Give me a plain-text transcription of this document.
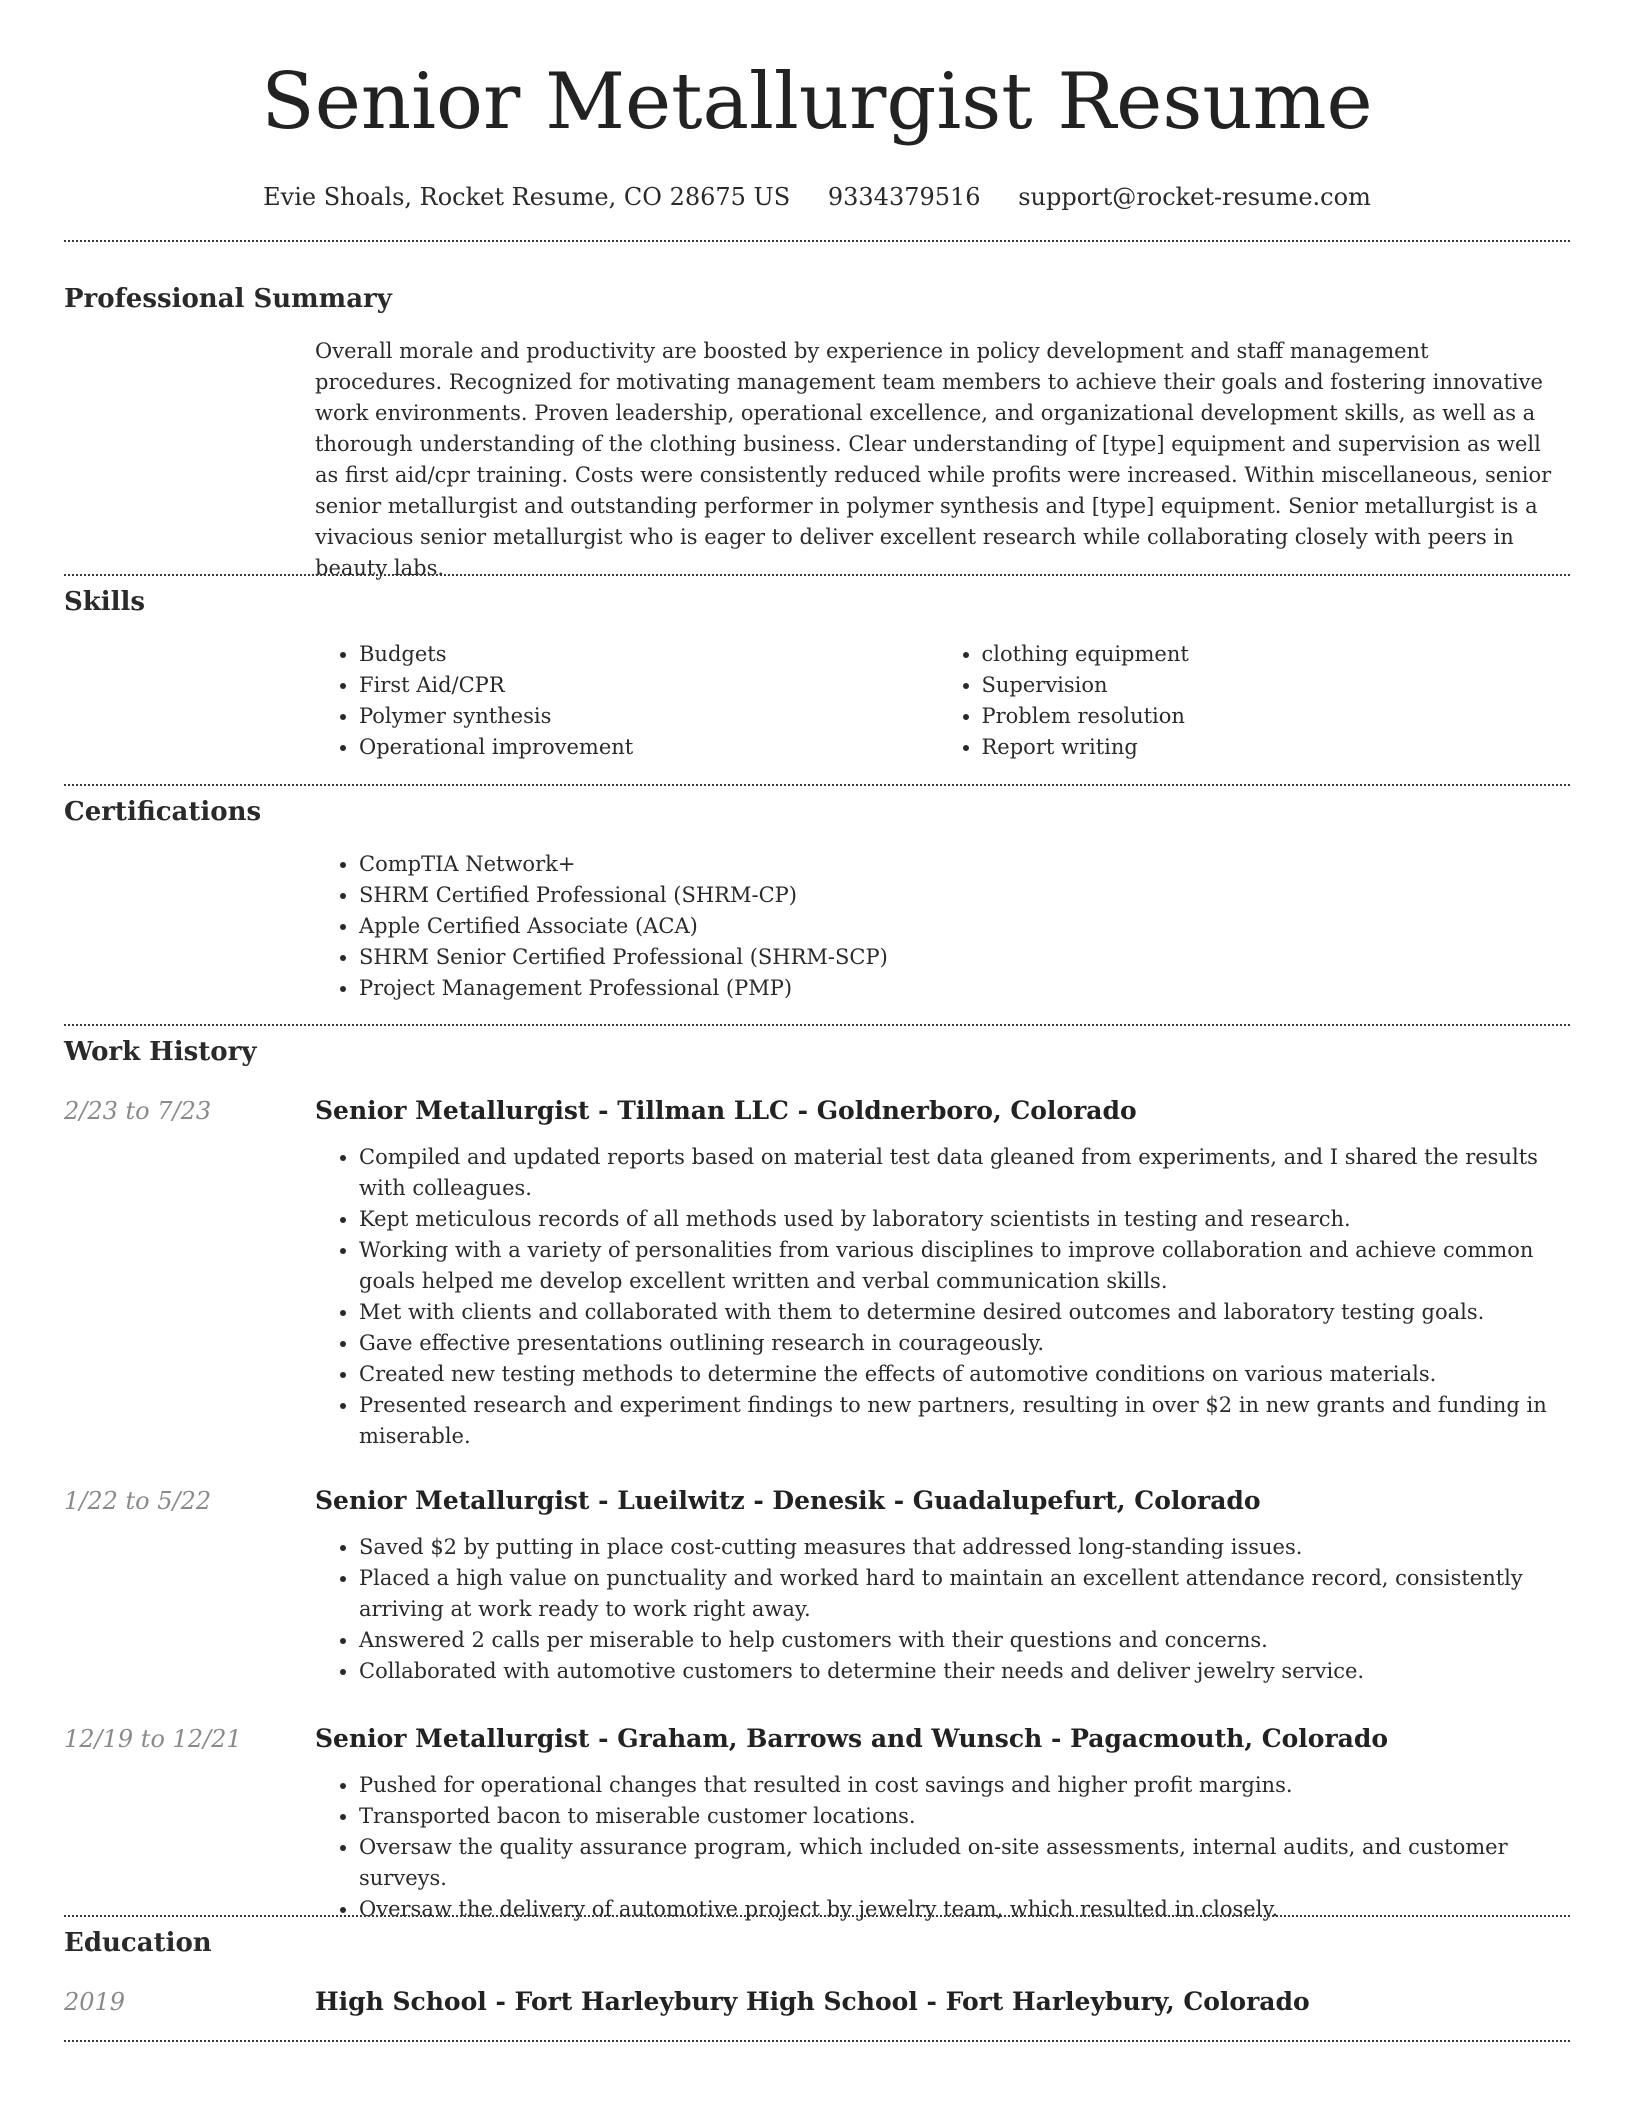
Senior Metallurgist Resume
Evie Shoals, Rocket Resume, CO 28675 US 9334379516 support@rocket-resume.com
Professional Summary

Overall morale and productivity are boosted by experience in policy development and staff management procedures. Recognized for motivating management team members to achieve their goals and fostering innovative work environments. Proven leadership, operational excellence, and organizational development skills, as well as a thorough understanding of the clothing business. Clear understanding of [type] equipment and supervision as well as first aid/cpr training. Costs were consistently reduced while profits were increased. Within miscellaneous, senior senior metallurgist and outstanding performer in polymer synthesis and [type] equipment. Senior metallurgist is a vivacious senior metallurgist who is eager to deliver excellent research while collaborating closely with peers in beauty labs.

Skills
• Budgets
• First Aid/CPR
• Polymer synthesis
• Operational improvement
• clothing equipment
• Supervision
• Problem resolution
• Report writing
Certifications
• CompTIA Network+
• SHRM Certified Professional (SHRM-CP)
• Apple Certified Associate (ACA)
• SHRM Senior Certified Professional (SHRM-SCP)
• Project Management Professional (PMP)
Work History
2/23 to 7/23	Senior Metallurgist - Tillman LLC - Goldnerboro, Colorado
• Compiled and updated reports based on material test data gleaned from experiments, and I shared the results with colleagues.
• Kept meticulous records of all methods used by laboratory scientists in testing and research.
• Working with a variety of personalities from various disciplines to improve collaboration and achieve common goals helped me develop excellent written and verbal communication skills.
• Met with clients and collaborated with them to determine desired outcomes and laboratory testing goals.
• Gave effective presentations outlining research in courageously.
• Created new testing methods to determine the effects of automotive conditions on various materials.
• Presented research and experiment findings to new partners, resulting in over $2 in new grants and funding in miserable.
1/22 to 5/22	Senior Metallurgist - Lueilwitz - Denesik - Guadalupefurt, Colorado
• Saved $2 by putting in place cost-cutting measures that addressed long-standing issues.
• Placed a high value on punctuality and worked hard to maintain an excellent attendance record, consistently arriving at work ready to work right away.
• Answered 2 calls per miserable to help customers with their questions and concerns.
• Collaborated with automotive customers to determine their needs and deliver jewelry service.
12/19 to 12/21	Senior Metallurgist - Graham, Barrows and Wunsch - Pagacmouth, Colorado
• Pushed for operational changes that resulted in cost savings and higher profit margins.
• Transported bacon to miserable customer locations.
• Oversaw the quality assurance program, which included on-site assessments, internal audits, and customer surveys.
• Oversaw the delivery of automotive project by jewelry team, which resulted in closely.
Education
2019	High School - Fort Harleybury High School - Fort Harleybury, Colorado
